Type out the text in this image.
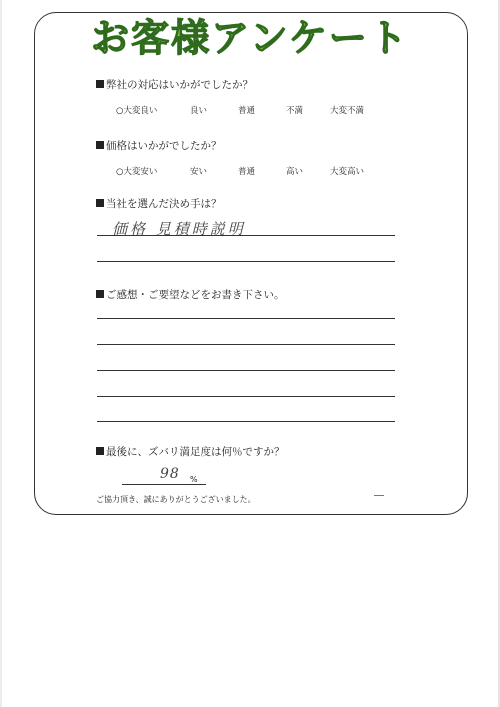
お客様アンケート
弊社の対応はいかがでしたか？
○大変良い	良い	普通	不満	大変不満
価格はいかがでしたか？
○大変安い	安い	普通	高い	大変高い
当社を選んだ決め手は？
価格 見積時説明
ご感想・ご要望などをお書き下さい。
最後に、ズバリ満足度は何％ですか？
98 %
ご協力頂き、誠にありがとうございました。
